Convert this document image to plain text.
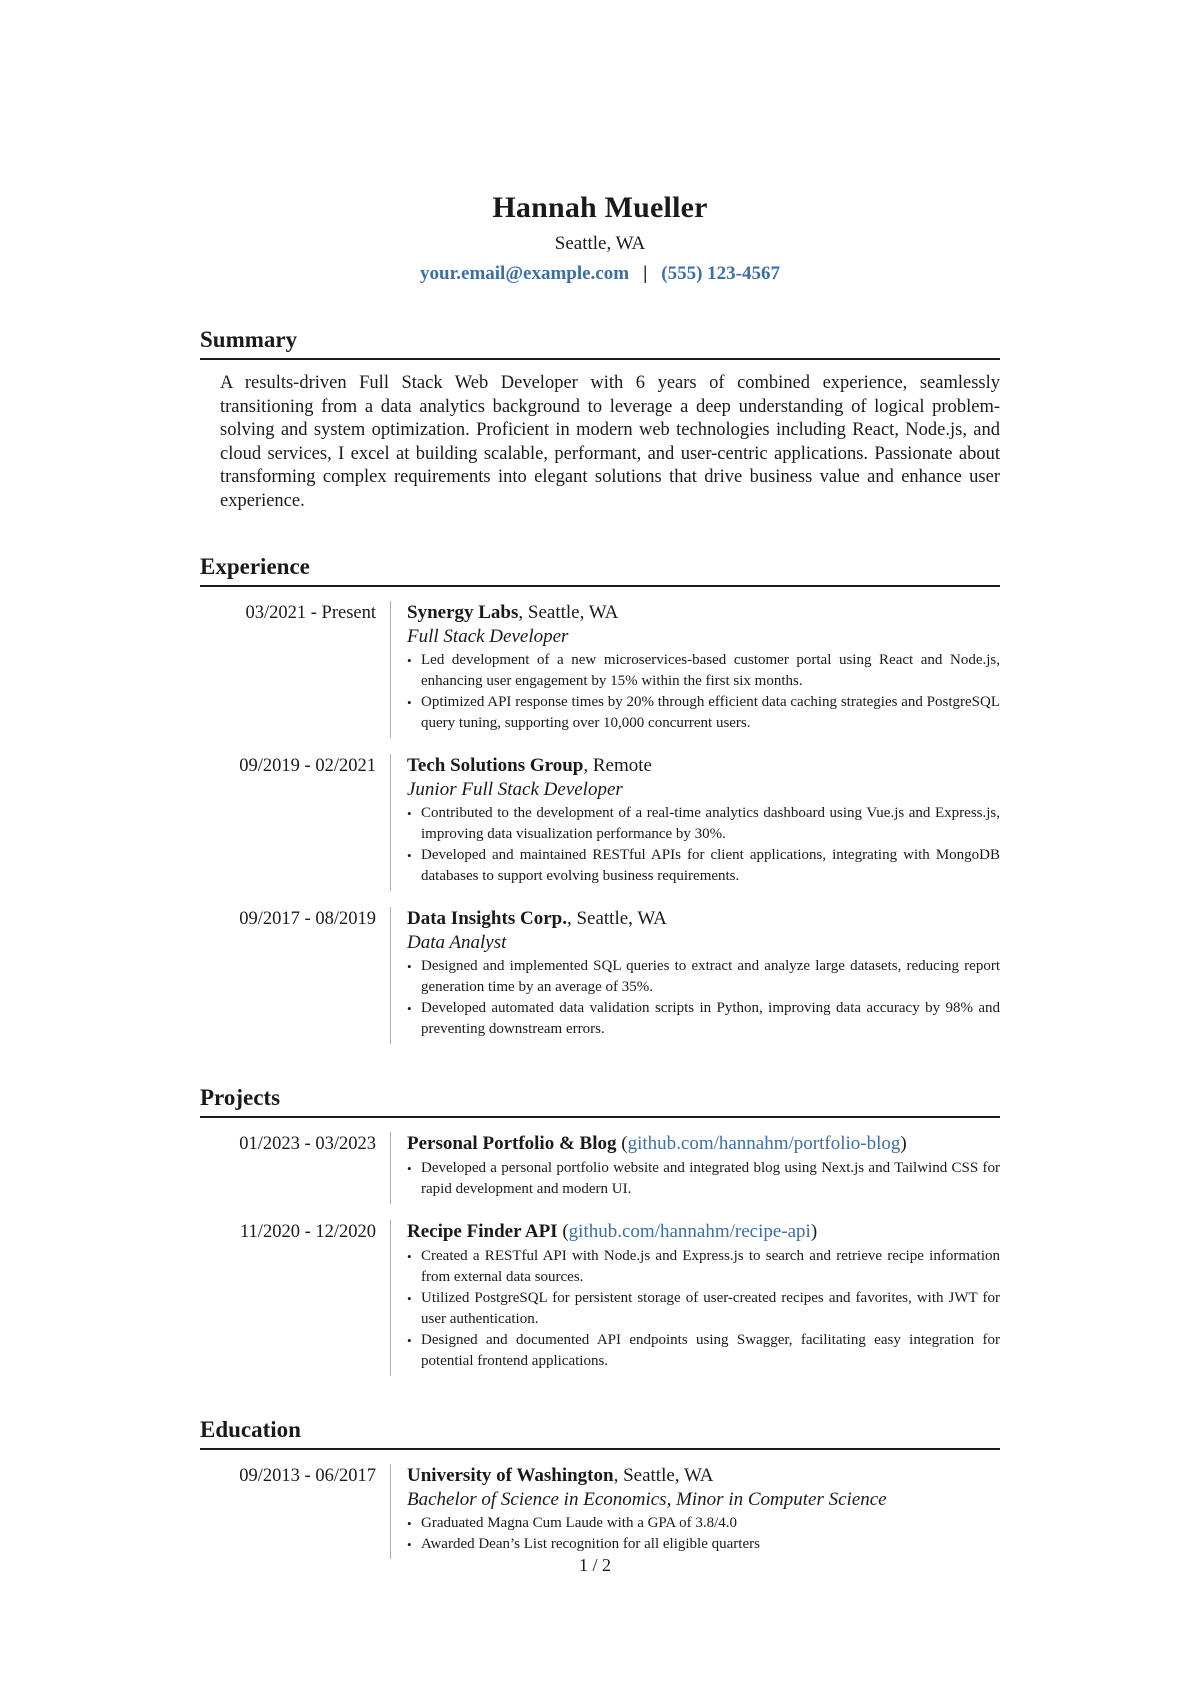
Hannah Mueller
Seattle, WA
your.email@example.com | (555) 123-4567
Summary

A results-driven Full Stack Web Developer with 6 years of combined experience, seamlessly transitioning from a data analytics background to leverage a deep understanding of logical problem-solving and system optimization. Proficient in modern web technologies including React, Node.js, and cloud services, I excel at building scalable, performant, and user-centric applications. Passionate about transforming complex requirements into elegant solutions that drive business value and enhance user experience.

Experience
03/2021 - Present	Synergy Labs, Seattle, WA
Full Stack Developer
• Led development of a new microservices-based customer portal using React and Node.js, enhancing user engagement by 15% within the first six months.
• Optimized API response times by 20% through efficient data caching strategies and PostgreSQL query tuning, supporting over 10,000 concurrent users.
09/2019 - 02/2021	Tech Solutions Group, Remote
Junior Full Stack Developer
• Contributed to the development of a real-time analytics dashboard using Vue.js and Express.js, improving data visualization performance by 30%.
• Developed and maintained RESTful APIs for client applications, integrating with MongoDB databases to support evolving business requirements.
09/2017 - 08/2019	Data Insights Corp., Seattle, WA
Data Analyst
• Designed and implemented SQL queries to extract and analyze large datasets, reducing report generation time by an average of 35%.
• Developed automated data validation scripts in Python, improving data accuracy by 98% and preventing downstream errors.
Projects
01/2023 - 03/2023	Personal Portfolio & Blog (github.com/hannahm/portfolio-blog)
• Developed a personal portfolio website and integrated blog using Next.js and Tailwind CSS for rapid development and modern UI.
11/2020 - 12/2020	Recipe Finder API (github.com/hannahm/recipe-api)
• Created a RESTful API with Node.js and Express.js to search and retrieve recipe information from external data sources.
• Utilized PostgreSQL for persistent storage of user-created recipes and favorites, with JWT for user authentication.
• Designed and documented API endpoints using Swagger, facilitating easy integration for potential frontend applications.
Education
09/2013 - 06/2017	University of Washington, Seattle, WA
Bachelor of Science in Economics, Minor in Computer Science
• Graduated Magna Cum Laude with a GPA of 3.8/4.0
• Awarded Dean’s List recognition for all eligible quarters
1 / 2
